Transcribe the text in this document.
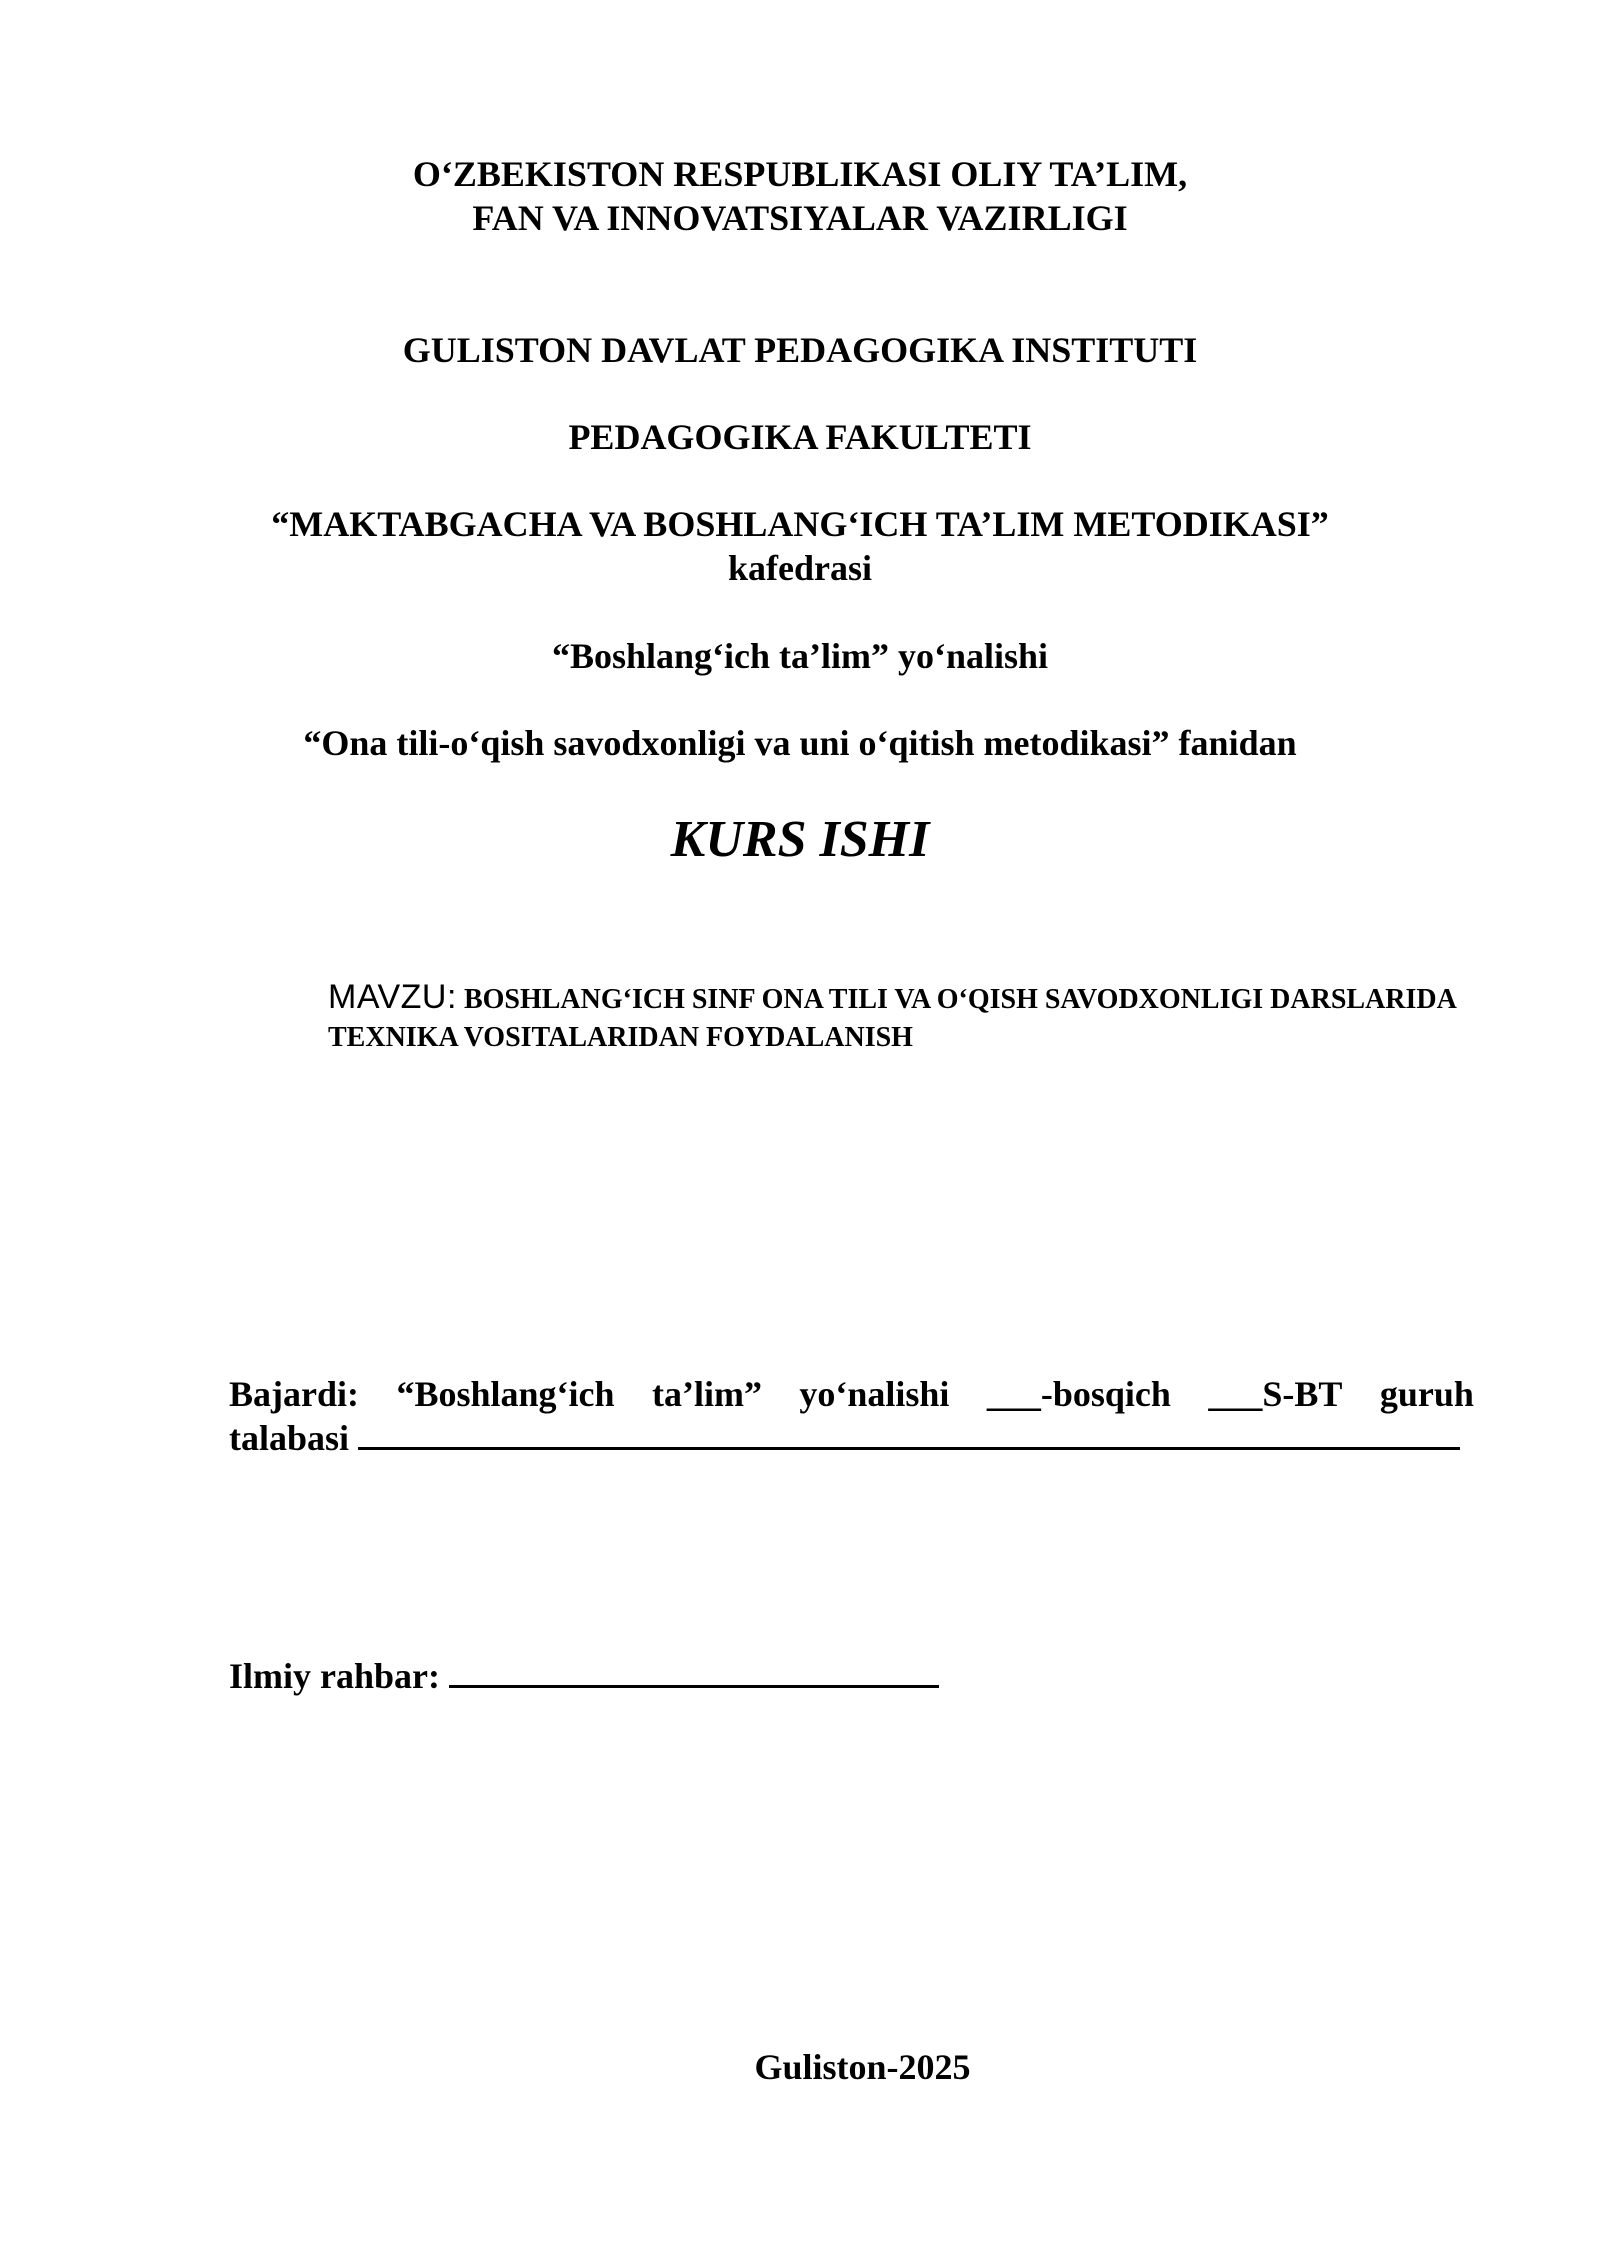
O‘ZBEKISTON RESPUBLIKASI OLIY TA’LIM,
FAN VA INNOVATSIYALAR VAZIRLIGI
GULISTON DAVLAT PEDAGOGIKA INSTITUTI
PEDAGOGIKA FAKULTETI
“MAKTABGACHA VA BOSHLANG‘ICH TA’LIM METODIKASI”
kafedrasi
“Boshlang‘ich ta’lim” yo‘nalishi
“Ona tili-o‘qish savodxonligi va uni o‘qitish metodikasi” fanidan
KURS ISHI
MAVZU: BOSHLANG‘ICH SINF ONA TILI VA O‘QISH SAVODXONLIGI DARSLARIDA TEXNIKA VOSITALARIDAN FOYDALANISH
Bajardi: “Boshlang‘ich ta’lim” yo‘nalishi ___-bosqich ___S-BT guruh
talabasi
Ilmiy rahbar:
Guliston-2025
